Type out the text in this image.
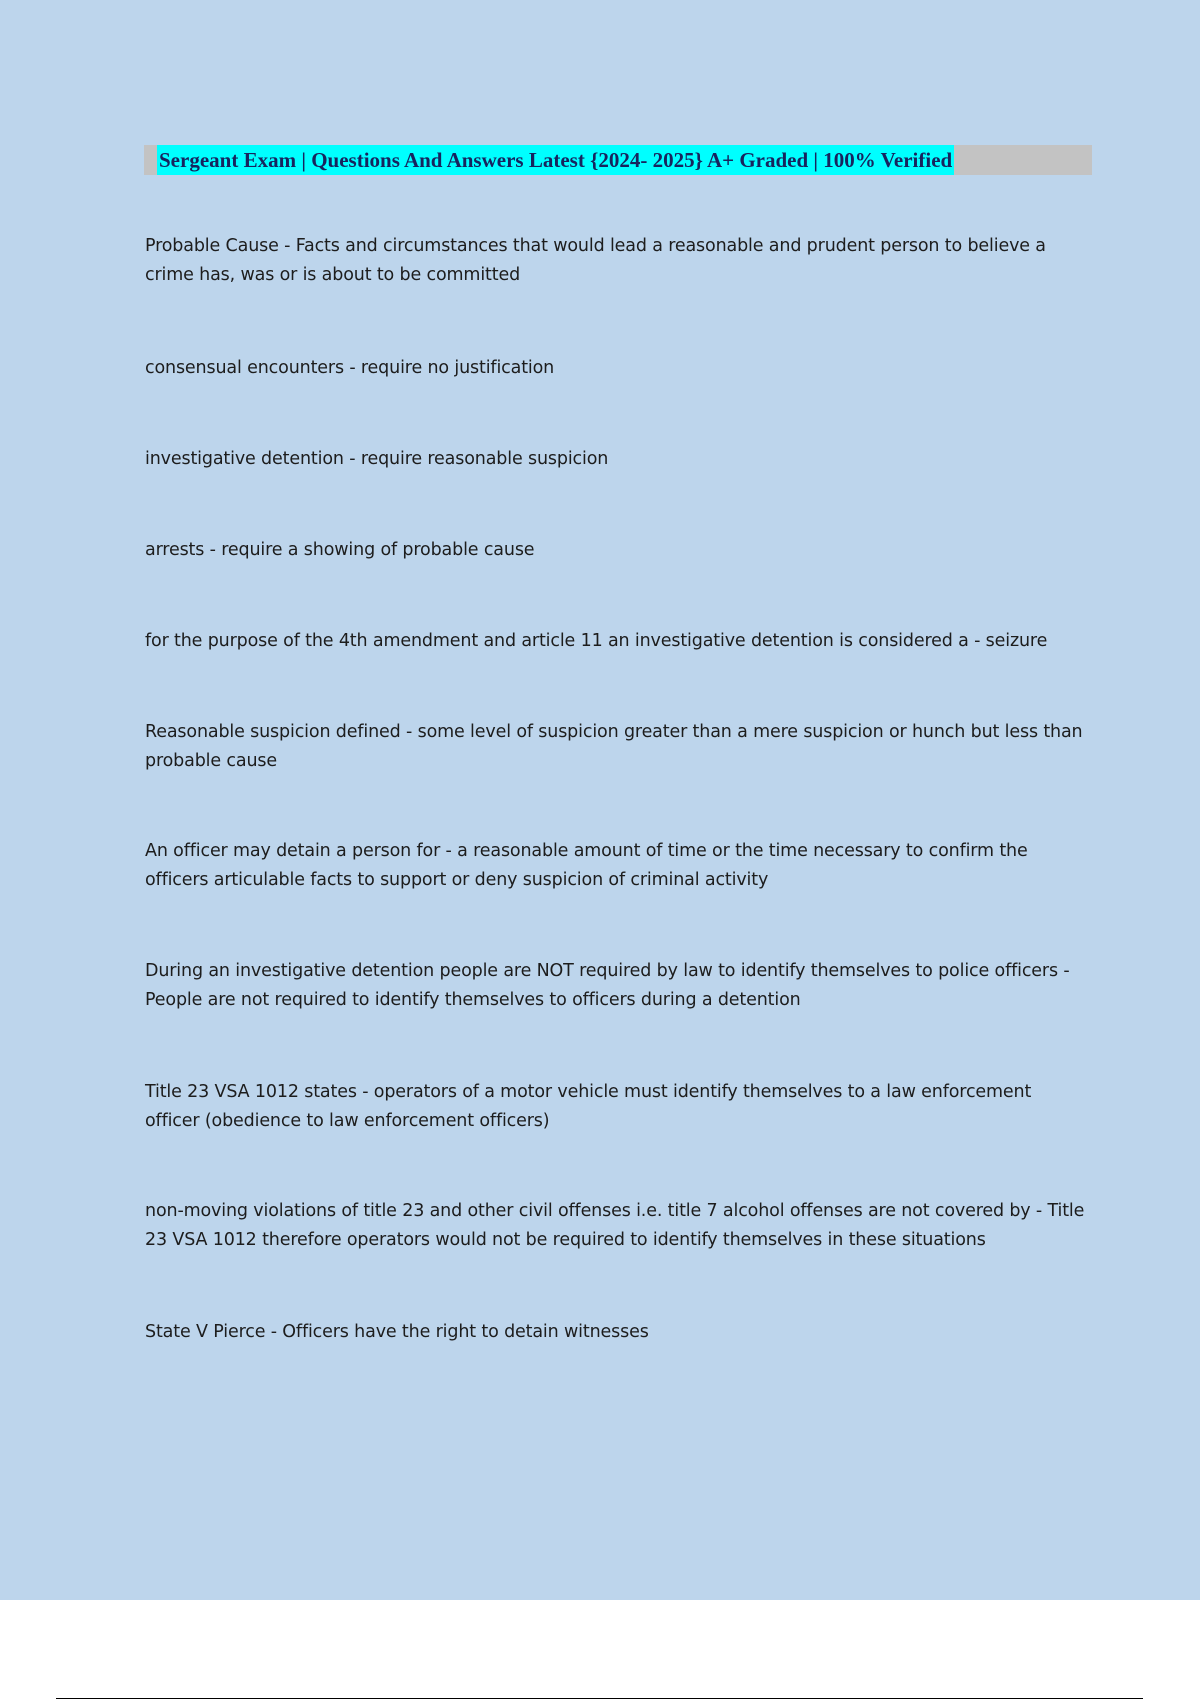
Sergeant Exam | Questions And Answers Latest {2024- 2025} A+ Graded | 100% Verified
Probable Cause - Facts and circumstances that would lead a reasonable and prudent person to believe a crime has, was or is about to be committed
consensual encounters - require no justification
investigative detention - require reasonable suspicion
arrests - require a showing of probable cause
for the purpose of the 4th amendment and article 11 an investigative detention is considered a - seizure
Reasonable suspicion defined - some level of suspicion greater than a mere suspicion or hunch but less than probable cause
An officer may detain a person for - a reasonable amount of time or the time necessary to confirm the officers articulable facts to support or deny suspicion of criminal activity
During an investigative detention people are NOT required by law to identify themselves to police officers - People are not required to identify themselves to officers during a detention
Title 23 VSA 1012 states - operators of a motor vehicle must identify themselves to a law enforcement officer (obedience to law enforcement officers)
non-moving violations of title 23 and other civil offenses i.e. title 7 alcohol offenses are not covered by - Title 23 VSA 1012 therefore operators would not be required to identify themselves in these situations
State V Pierce - Officers have the right to detain witnesses
